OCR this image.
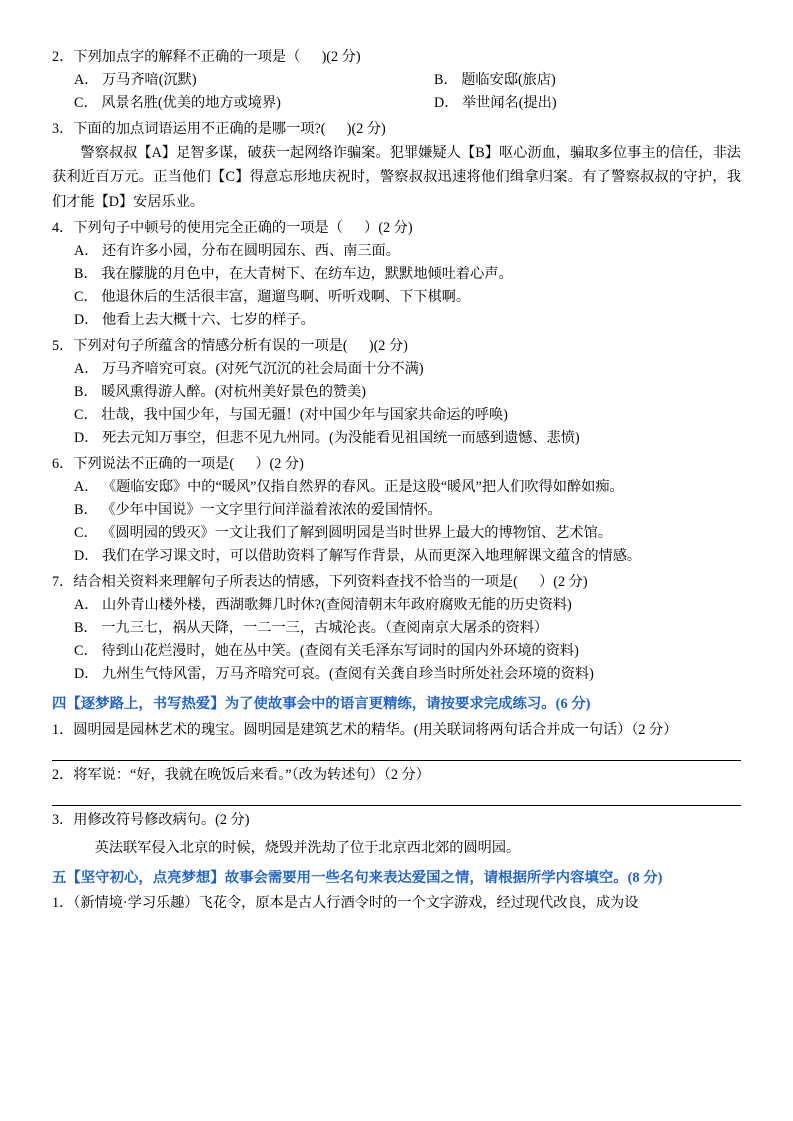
2．下列加点字的解释不正确的一项是（      )(2 分)

A． 万马齐喑(沉默)	B． 题临安邸(旅店)
C． 风景名胜(优美的地方或境界)	D． 举世闻名(提出)

3．下面的加点词语运用不正确的是哪一项?(      )(2 分)

警察叔叔【A】足智多谋，破获一起网络诈骗案。犯罪嫌疑人【B】呕心沥血，骗取多位事主的信任，非法获利近百万元。正当他们【C】得意忘形地庆祝时，警察叔叔迅速将他们缉拿归案。有了警察叔叔的守护，我们才能【D】安居乐业。

4．下列句子中顿号的使用完全正确的一项是（      ）(2 分)

A． 还有许多小园，分布在圆明园东、西、南三面。

B． 我在朦胧的月色中，在大青树下、在纺车边，默默地倾吐着心声。

C． 他退休后的生活很丰富，遛遛鸟啊、听听戏啊、下下棋啊。

D． 他看上去大概十六、七岁的样子。

5．下列对句子所蕴含的情感分析有误的一项是(      )(2 分)

A． 万马齐喑究可哀。(对死气沉沉的社会局面十分不满)

B． 暖风熏得游人醉。(对杭州美好景色的赞美)

C． 壮哉，我中国少年，与国无疆！(对中国少年与国家共命运的呼唤)

D． 死去元知万事空，但悲不见九州同。(为没能看见祖国统一而感到遗憾、悲愤)

6．下列说法不正确的一项是(      ）(2 分)

A． 《题临安邸》中的“暖风”仅指自然界的春风。正是这股“暖风”把人们吹得如醉如痴。

B． 《少年中国说》一文字里行间洋溢着浓浓的爱国情怀。

C． 《圆明园的毁灭》一文让我们了解到圆明园是当时世界上最大的博物馆、艺术馆。

D． 我们在学习课文时，可以借助资料了解写作背景，从而更深入地理解课文蕴含的情感。

7．结合相关资料来理解句子所表达的情感，下列资料查找不恰当的一项是(      ）(2 分)

A． 山外青山楼外楼，西湖歌舞几时休?(查阅清朝末年政府腐败无能的历史资料)

B． 一九三七，祸从天降，一二一三，古城沦丧。（查阅南京大屠杀的资料）

C． 待到山花烂漫时，她在丛中笑。(查阅有关毛泽东写词时的国内外环境的资料)

D． 九州生气恃风雷，万马齐喑究可哀。(查阅有关龚自珍当时所处社会环境的资料)

四【逐梦路上，书写热爱】为了使故事会中的语言更精练，请按要求完成练习。(6 分)

1．圆明园是园林艺术的瑰宝。圆明园是建筑艺术的精华。(用关联词将两句话合并成一句话）（2 分）

2．将军说：“好，我就在晚饭后来看。”（改为转述句）（2 分）

3．用修改符号修改病句。(2 分)

英法联军侵入北京的时候，烧毁并洗劫了位于北京西北郊的圆明园。

五【坚守初心，点亮梦想】故事会需要用一些名句来表达爱国之情，请根据所学内容填空。(8 分)

1．（新情境·学习乐趣）飞花令，原本是古人行酒令时的一个文字游戏，经过现代改良，成为设
